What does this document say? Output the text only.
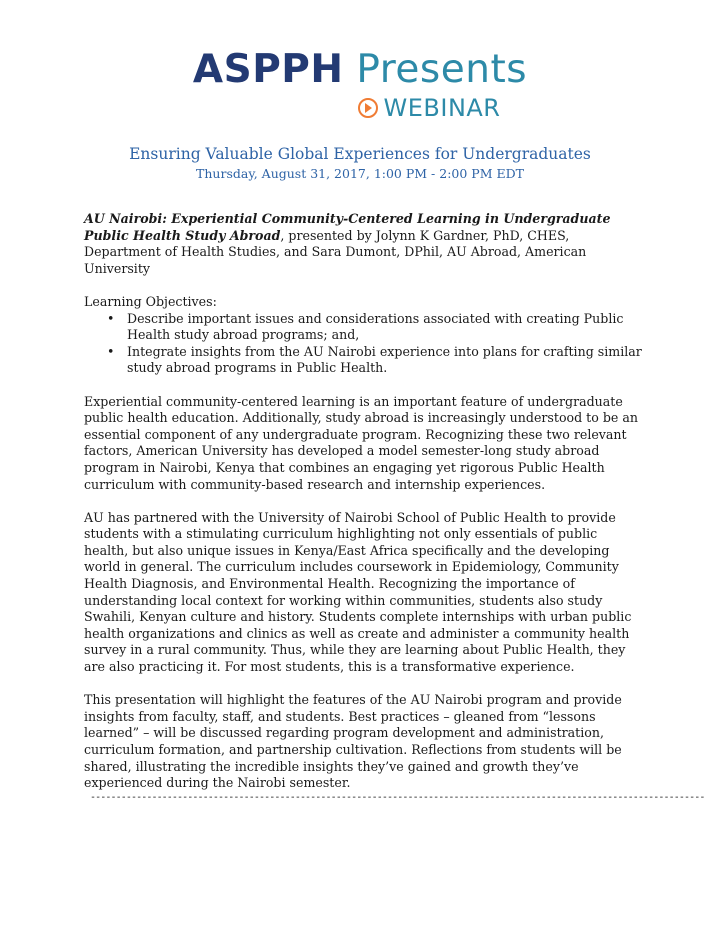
ASPPH Presents
WEBINAR
Ensuring Valuable Global Experiences for Undergraduates
Thursday, August 31, 2017, 1:00 PM - 2:00 PM EDT

AU Nairobi: Experiential Community-Centered Learning in Undergraduate Public Health Study Abroad, presented by Jolynn K Gardner, PhD, CHES, Department of Health Studies, and Sara Dumont, DPhil, AU Abroad, American University

Learning Objectives:
• Describe important issues and considerations associated with creating Public Health study abroad programs; and,
• Integrate insights from the AU Nairobi experience into plans for crafting similar study abroad programs in Public Health.

Experiential community-centered learning is an important feature of undergraduate public health education. Additionally, study abroad is increasingly understood to be an essential component of any undergraduate program. Recognizing these two relevant factors, American University has developed a model semester-long study abroad program in Nairobi, Kenya that combines an engaging yet rigorous Public Health curriculum with community-based research and internship experiences.

AU has partnered with the University of Nairobi School of Public Health to provide students with a stimulating curriculum highlighting not only essentials of public health, but also unique issues in Kenya/East Africa specifically and the developing world in general. The curriculum includes coursework in Epidemiology, Community Health Diagnosis, and Environmental Health. Recognizing the importance of understanding local context for working within communities, students also study Swahili, Kenyan culture and history. Students complete internships with urban public health organizations and clinics as well as create and administer a community health survey in a rural community. Thus, while they are learning about Public Health, they are also practicing it. For most students, this is a transformative experience.

This presentation will highlight the features of the AU Nairobi program and provide insights from faculty, staff, and students. Best practices – gleaned from “lessons learned” – will be discussed regarding program development and administration, curriculum formation, and partnership cultivation. Reflections from students will be shared, illustrating the incredible insights they’ve gained and growth they’ve experienced during the Nairobi semester.

------------------------------------------------------------------------------------------------------------------------
